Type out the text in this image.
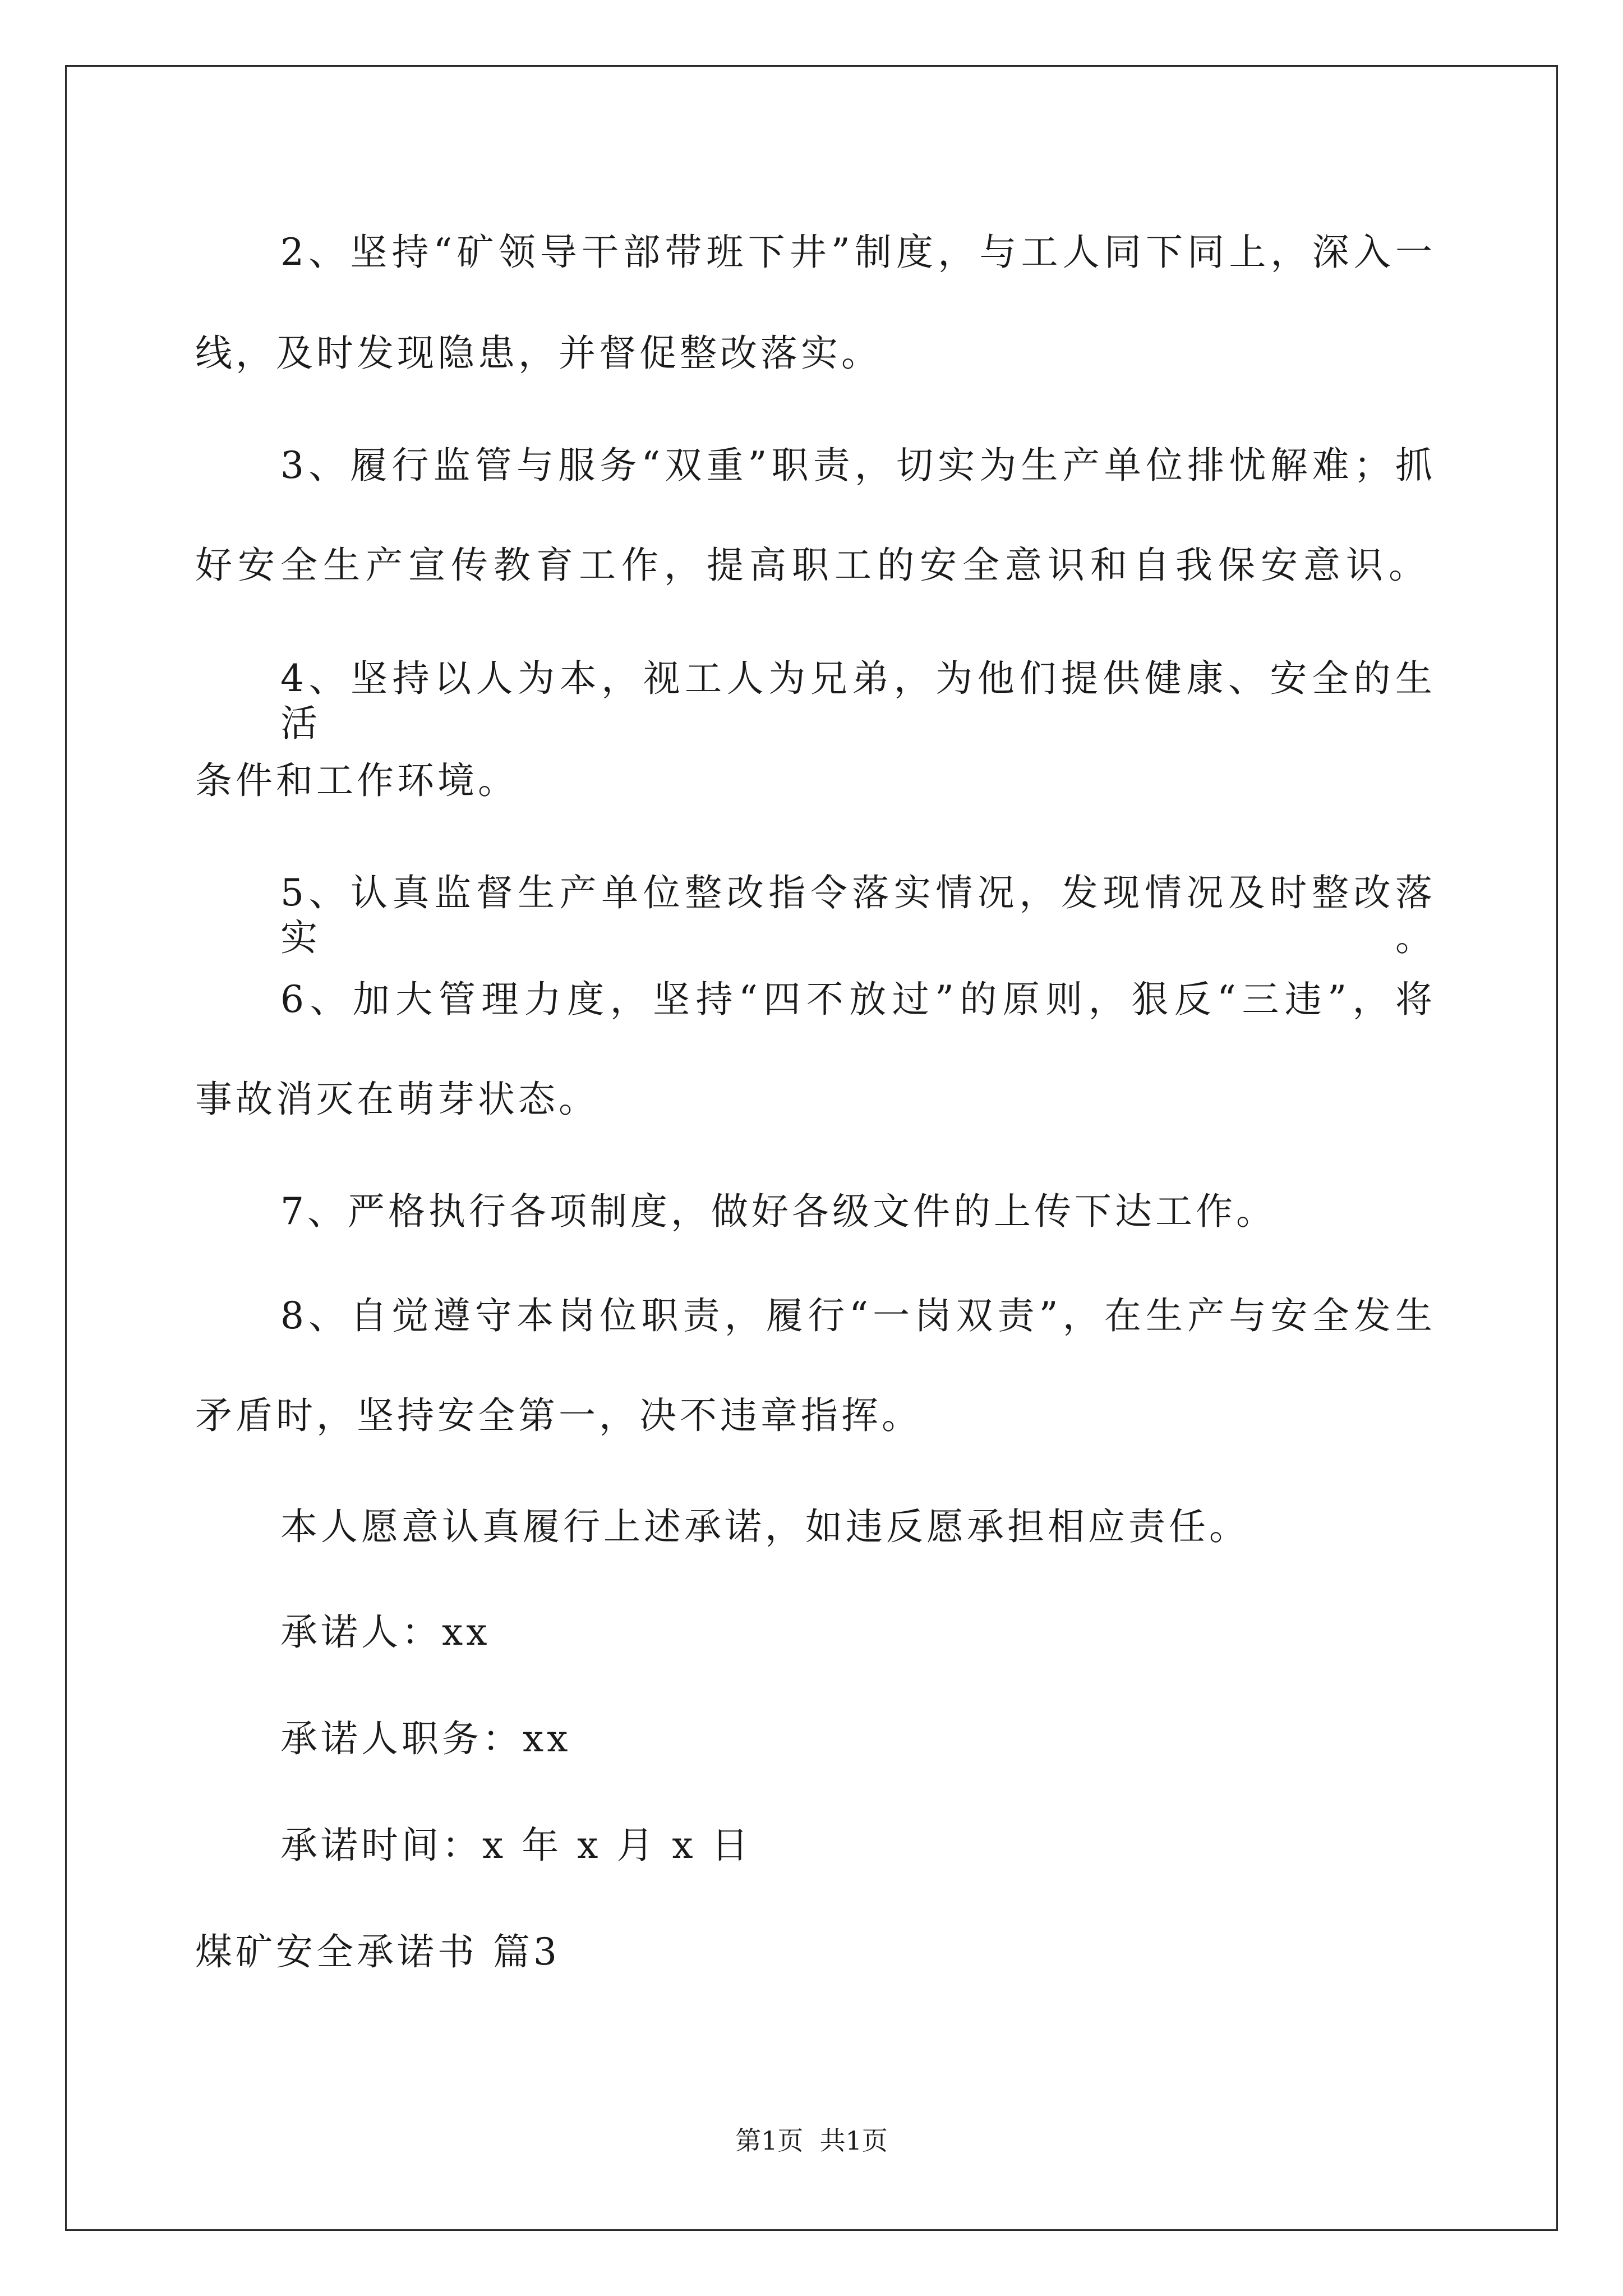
2、坚持“矿领导干部带班下井”制度，与工人同下同上，深入一
线，及时发现隐患，并督促整改落实。
3、履行监管与服务“双重”职责，切实为生产单位排忧解难；抓
好安全生产宣传教育工作，提高职工的安全意识和自我保安意识。
4、坚持以人为本，视工人为兄弟，为他们提供健康、安全的生活
条件和工作环境。
5、认真监督生产单位整改指令落实情况，发现情况及时整改落实。
6、加大管理力度，坚持“四不放过”的原则，狠反“三违”，将
事故消灭在萌芽状态。
7、严格执行各项制度，做好各级文件的上传下达工作。
8、自觉遵守本岗位职责，履行“一岗双责”，在生产与安全发生
矛盾时，坚持安全第一，决不违章指挥。
本人愿意认真履行上述承诺，如违反愿承担相应责任。
承诺人：xx
承诺人职务：xx
承诺时间：x 年 x 月 x 日
煤矿安全承诺书 篇3
第1页  共1页
